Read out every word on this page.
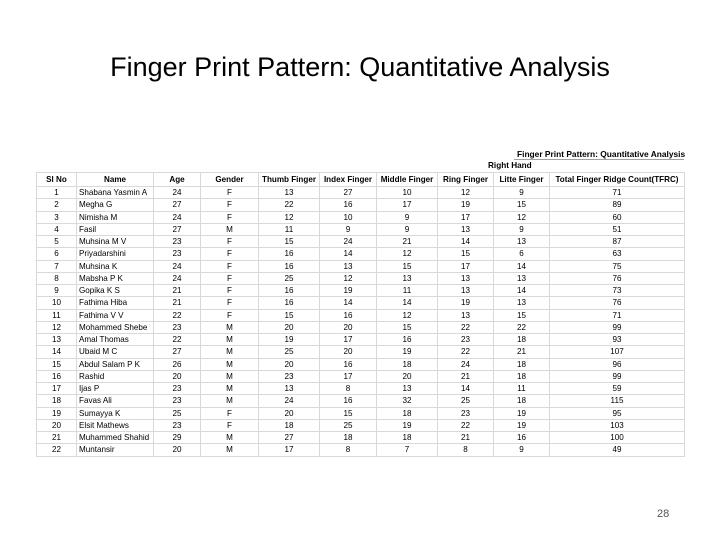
Finger Print Pattern: Quantitative Analysis
Finger Print Pattern: Quantitative Analysis
Right Hand
Sl No	Name	Age	Gender	Thumb Finger	Index Finger	Middle Finger	Ring Finger	Litte Finger	Total Finger Ridge Count(TFRC)
1	Shabana Yasmin A	24	F	13	27	10	12	9	71
2	Megha G	27	F	22	16	17	19	15	89
3	Nimisha M	24	F	12	10	9	17	12	60
4	Fasil	27	M	11	9	9	13	9	51
5	Muhsina M V	23	F	15	24	21	14	13	87
6	Priyadarshini	23	F	16	14	12	15	6	63
7	Muhsina K	24	F	16	13	15	17	14	75
8	Mabsha P K	24	F	25	12	13	13	13	76
9	Gopika K S	21	F	16	19	11	13	14	73
10	Fathima Hiba	21	F	16	14	14	19	13	76
11	Fathima V V	22	F	15	16	12	13	15	71
12	Mohammed Shebe	23	M	20	20	15	22	22	99
13	Amal Thomas	22	M	19	17	16	23	18	93
14	Ubaid M C	27	M	25	20	19	22	21	107
15	Abdul Salam P K	26	M	20	16	18	24	18	96
16	Rashid	20	M	23	17	20	21	18	99
17	Ijas P	23	M	13	8	13	14	11	59
18	Favas Ali	23	M	24	16	32	25	18	115
19	Sumayya K	25	F	20	15	18	23	19	95
20	Elsit Mathews	23	F	18	25	19	22	19	103
21	Muhammed Shahid	29	M	27	18	18	21	16	100
22	Muntansir	20	M	17	8	7	8	9	49
28
